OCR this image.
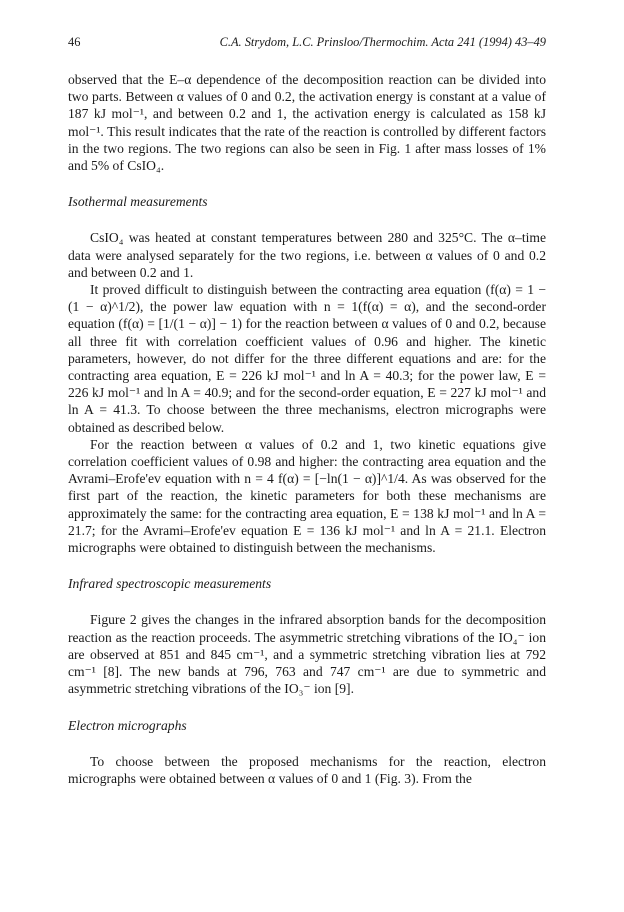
46	C.A. Strydom, L.C. Prinsloo/Thermochim. Acta 241 (1994) 43–49

observed that the E–α dependence of the decomposition reaction can be divided into two parts. Between α values of 0 and 0.2, the activation energy is constant at a value of 187 kJ mol⁻¹, and between 0.2 and 1, the activation energy is calculated as 158 kJ mol⁻¹. This result indicates that the rate of the reaction is controlled by different factors in the two regions. The two regions can also be seen in Fig. 1 after mass losses of 1% and 5% of CsIO₄.

Isothermal measurements

CsIO₄ was heated at constant temperatures between 280 and 325°C. The α–time data were analysed separately for the two regions, i.e. between α values of 0 and 0.2 and between 0.2 and 1.

It proved difficult to distinguish between the contracting area equation (f(α) = 1 − (1 − α)^1/2), the power law equation with n = 1(f(α) = α), and the second-order equation (f(α) = [1/(1 − α)] − 1) for the reaction between α values of 0 and 0.2, because all three fit with correlation coefficient values of 0.96 and higher. The kinetic parameters, however, do not differ for the three different equations and are: for the contracting area equation, E = 226 kJ mol⁻¹ and ln A = 40.3; for the power law, E = 226 kJ mol⁻¹ and ln A = 40.9; and for the second-order equation, E = 227 kJ mol⁻¹ and ln A = 41.3. To choose between the three mechanisms, electron micrographs were obtained as described below.

For the reaction between α values of 0.2 and 1, two kinetic equations give correlation coefficient values of 0.98 and higher: the contracting area equation and the Avrami–Erofe'ev equation with n = 4 f(α) = [−ln(1 − α)]^1/4. As was observed for the first part of the reaction, the kinetic parameters for both these mechanisms are approximately the same: for the contracting area equation, E = 138 kJ mol⁻¹ and ln A = 21.7; for the Avrami–Erofe'ev equation E = 136 kJ mol⁻¹ and ln A = 21.1. Electron micrographs were obtained to distinguish between the mechanisms.

Infrared spectroscopic measurements

Figure 2 gives the changes in the infrared absorption bands for the decomposition reaction as the reaction proceeds. The asymmetric stretching vibrations of the IO₄⁻ ion are observed at 851 and 845 cm⁻¹, and a symmetric stretching vibration lies at 792 cm⁻¹ [8]. The new bands at 796, 763 and 747 cm⁻¹ are due to symmetric and asymmetric stretching vibrations of the IO₃⁻ ion [9].

Electron micrographs

To choose between the proposed mechanisms for the reaction, electron micrographs were obtained between α values of 0 and 1 (Fig. 3). From the
